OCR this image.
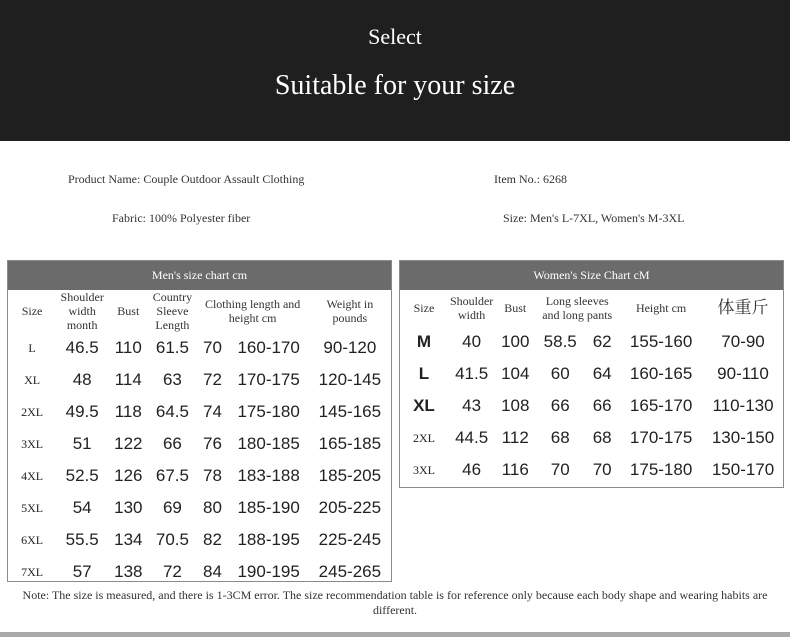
Select
Suitable for your size
Product Name: Couple Outdoor Assault Clothing	Item No.: 6268
Fabric: 100% Polyester fiber	Size: Men's L-7XL, Women's M-3XL
Men's size chart cm
Size	Shoulder width month	Bust	Country Sleeve Length	Clothing length and height cm		Weight in pounds
L	46.5	110	61.5	70	160-170	90-120
XL	48	114	63	72	170-175	120-145
2XL	49.5	118	64.5	74	175-180	145-165
3XL	51	122	66	76	180-185	165-185
4XL	52.5	126	67.5	78	183-188	185-205
5XL	54	130	69	80	185-190	205-225
6XL	55.5	134	70.5	82	188-195	225-245
7XL	57	138	72	84	190-195	245-265
Women's Size Chart cM
Size	Shoulder width	Bust	Long sleeves and long pants		Height cm	体重斤
M	40	100	58.5	62	155-160	70-90
L	41.5	104	60	64	160-165	90-110
XL	43	108	66	66	165-170	110-130
2XL	44.5	112	68	68	170-175	130-150
3XL	46	116	70	70	175-180	150-170
Note: The size is measured, and there is 1-3CM error. The size recommendation table is for reference only because each body shape and wearing habits are different.
